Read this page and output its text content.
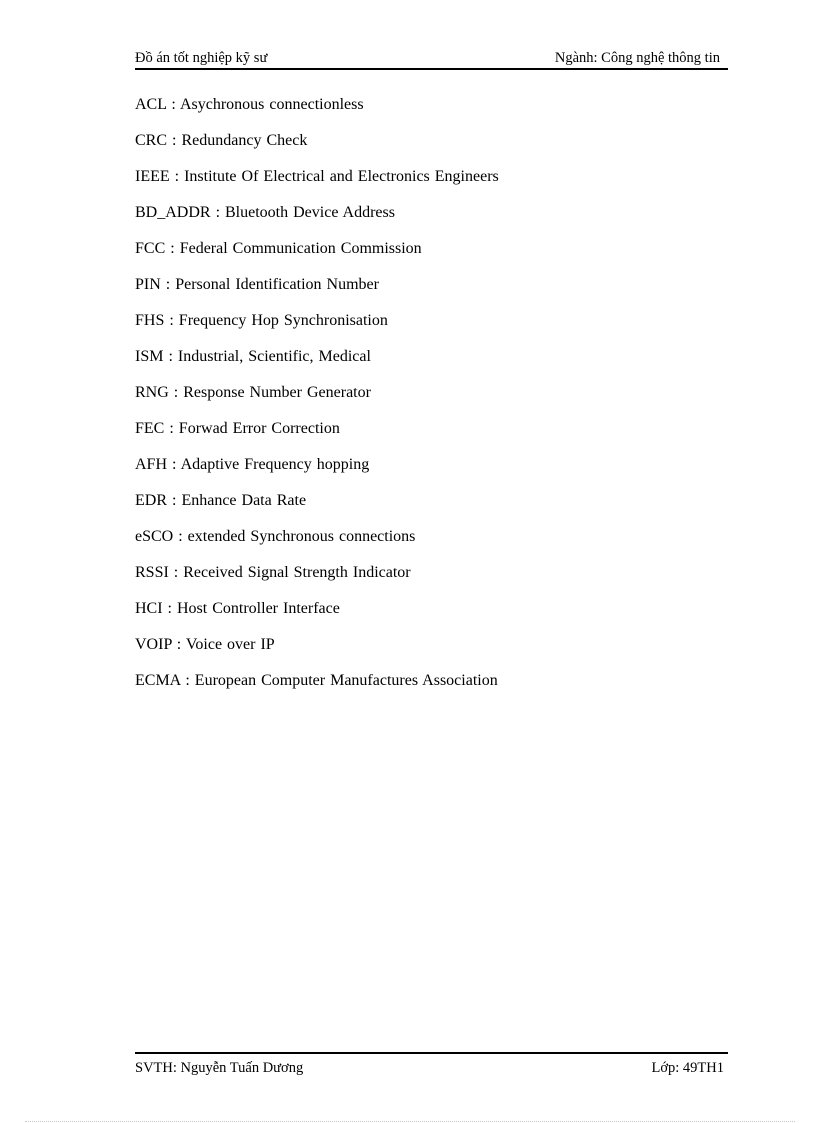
Đồ án tốt nghiệp kỹ sư	Ngành: Công nghệ thông tin
ACL : Asychronous connectionless
CRC : Redundancy Check
IEEE : Institute Of Electrical and Electronics Engineers
BD_ADDR : Bluetooth Device Address
FCC : Federal Communication Commission
PIN : Personal Identification Number
FHS : Frequency Hop Synchronisation
ISM : Industrial, Scientific, Medical
RNG : Response Number Generator
FEC : Forwad Error Correction
AFH : Adaptive Frequency hopping
EDR : Enhance Data Rate
eSCO : extended Synchronous connections
RSSI : Received Signal Strength Indicator
HCI : Host Controller Interface
VOIP : Voice over IP
ECMA : European Computer Manufactures Association
SVTH: Nguyễn Tuấn Dương	Lớp: 49TH1
